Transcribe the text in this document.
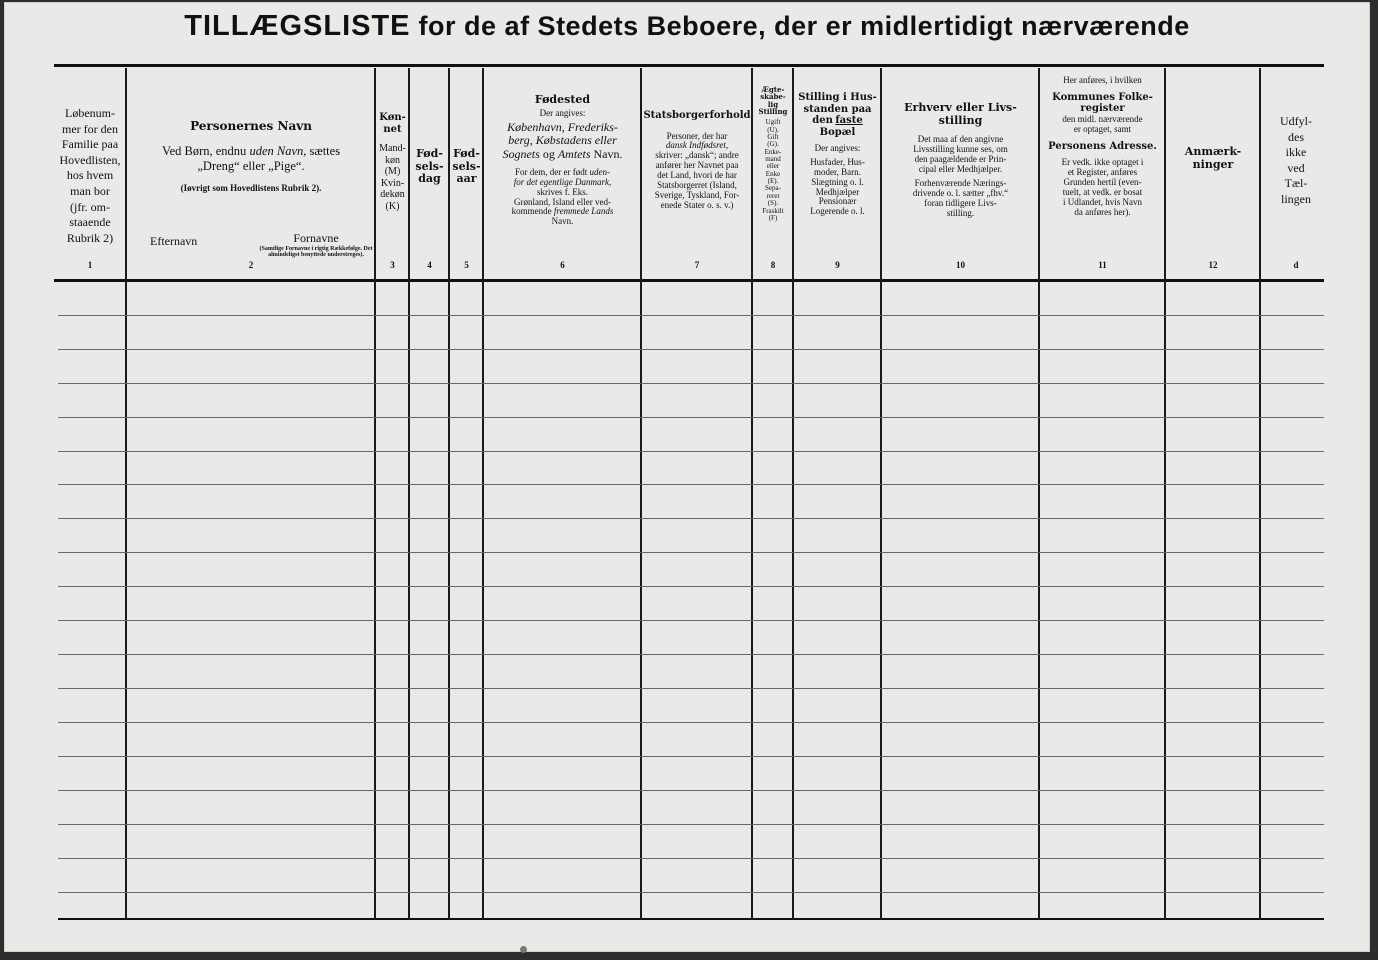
TILLÆGSLISTE for de af Stedets Beboere, der er midlertidigt nærværende
Løbenum-
mer for den
Familie paa
Hovedlisten,
hos hvem
man bor
(jfr. om-
staaende
Rubrik 2)
1
Personernes Navn
Ved Børn, endnu uden Navn, sættes
„Dreng“ eller „Pige“.
(Iøvrigt som Hovedlistens Rubrik 2).
Efternavn	Fornavne
(Samtlige Fornavne i rigtig Rækkefølge. Det almindeligst benyttede understreges).
2
Køn-
net
Mand-
køn
(M)
Kvin-
dekøn
(K)
3
Fød-
sels-
dag
4
Fød-
sels-
aar
5
Fødested
Der angives:
København, Frederiks-
berg, Købstadens eller
Sognets og Amtets Navn.
For dem, der er født uden-
for det egentlige Danmark,
skrives f. Eks.
Grønland, Island eller ved-
kommende fremmede Lands
Navn.
6
Statsborgerforhold
Personer, der har
dansk Indfødsret,
skriver: „dansk“; andre
anfører her Navnet paa
det Land, hvori de har
Statsborgerret (Island,
Sverige, Tyskland, For-
enede Stater o. s. v.)
7
Ægte-
skabe-
lig
Stilling
Ugift
(U).
Gift
(G).
Enke-
mand
eller
Enke
(E).
Sepa-
reret
(S).
Fraskilt
(F)
8
Stilling i Hus-
standen paa
den faste
Bopæl
Der angives:
Husfader, Hus-
moder, Barn.
Slægtning o. l.
Medhjælper
Pensionær
Logerende o. l.
9
Erhverv eller Livs-
stilling
Det maa af den angivne
Livsstilling kunne ses, om
den paagældende er Prin-
cipal eller Medhjælper.
Forhenværende Nærings-
drivende o. l. sætter „fhv.“
foran tidligere Livs-
stilling.
10
Her anføres, i hvilken
Kommunes Folke-
register
den midl. nærværende
er optaget, samt
Personens Adresse.
Er vedk. ikke optaget i
et Register, anføres
Grunden hertil (even-
tuelt, at vedk. er bosat
i Udlandet, hvis Navn
da anføres her).
11
Anmærk-
ninger
12
Udfyl-
des
ikke
ved
Tæl-
lingen
d
